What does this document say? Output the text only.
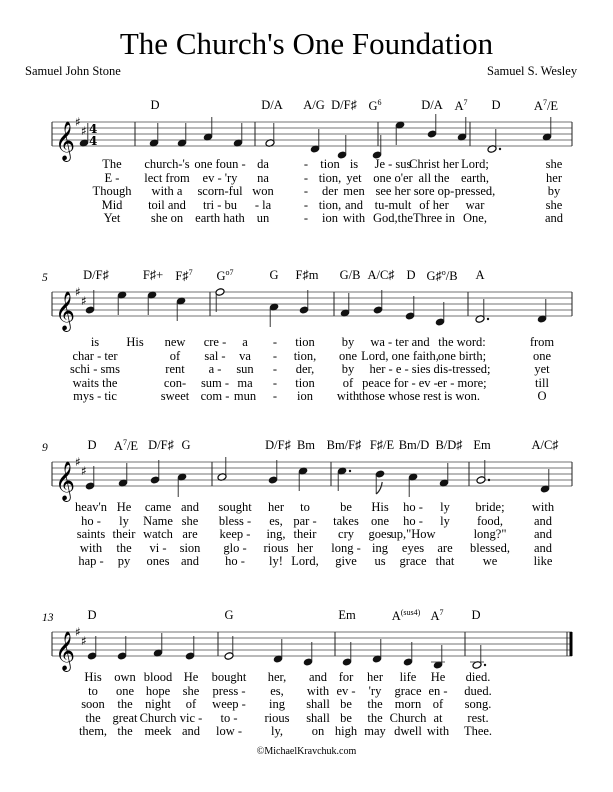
The Church's One Foundation
Samuel John Stone	Samuel S. Wesley
𝄞 ♯
♯ 4
4
D	D/A A/G D/F♯ $G^6$	D/A $A^7$ D	$A^7/E$
The church-'s one foun - da	- tion is Je - sus
Christ her Lord;	she
E - lect from ev - 'ry na	- tion, yet one o'er all the earth,	her
Though with a scorn-ful won - der men see her sore op- pressed,	by
Mid toil and tri - bu - la	- tion, and tu-mult of her war	she
Yet she on earth hath un	- ion with God,the Three in One,	and
𝄞 ♯
♯
5	D/F♯	F♯+ F♯$^7$ $G^{o7}$	G F♯m G/B A/C♯ D G♯$^o$/B A
is His new cre - a - tion by wa - ter and the word:	from
char - ter	of sal - va - tion, one Lord, one faith,
one birth;	one
schi - sms	rent a - sun - der, by her - e - sies dis-tressed;	yet
waits the	con- sum - ma - tion of peace for - ev - er - more;	till
mys - tic	sweet com - mun - ion with those whose rest is won.	O
𝄞 ♯
♯
9	D $A^7/E$ D/F♯ G	D/F♯ Bm Bm/F♯ F♯/E Bm/D B/D♯ Em	A/C♯
heav'n He came and sought her to be His ho - ly bride; with
ho - ly Name she bless - es, par - takes one ho - ly food, and
saints their watch are keep - ing, their cry goes up,"How	long?" and
with the vi - sion glo - rious her long - ing eyes are blessed, and
hap - py ones and ho - ly! Lord, give us grace that we	like
𝄞 ♯
♯
13	D	G	Em	$A^{(sus4)}$ $A^7$ D
His own blood He bought her, and for her life He died.
to one hope she press - es, with ev - 'ry grace en - dued.
soon the night of weep - ing shall be the morn of song.
the great Church vic - to - rious shall be the Church at rest.
them, the meek and low - ly, on high may dwell with Thee.
©MichaelKravchuk.com
